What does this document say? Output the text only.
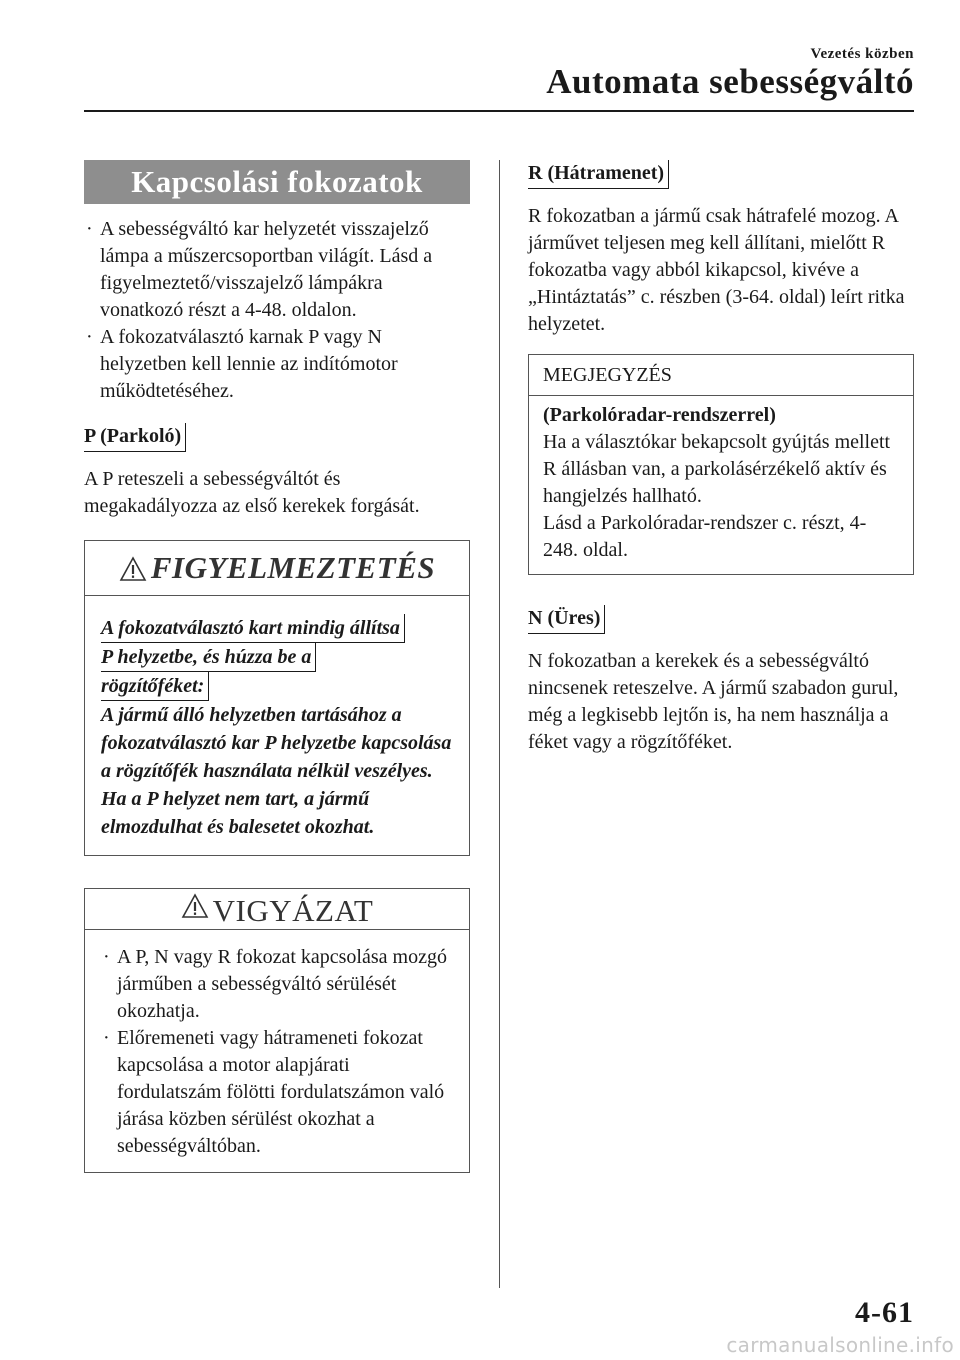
Vezetés közben
Automata sebességváltó
Kapcsolási fokozatok
· A sebességváltó kar helyzetét visszajelző lámpa a műszercsoportban világít. Lásd a figyelmeztető/visszajelző lámpákra vonatkozó részt a 4-48. oldalon.
· A fokozatválasztó karnak P vagy N helyzetben kell lennie az indítómotor működtetéséhez.
P (Parkoló)
A P reteszeli a sebességváltót és megakadályozza az első kerekek forgását.
FIGYELMEZTETÉS
A fokozatválasztó kart mindig állítsa
P helyzetbe, és húzza be a
rögzítőféket:
A jármű álló helyzetben tartásához a fokozatválasztó kar P helyzetbe kapcsolása a rögzítőfék használata nélkül veszélyes. Ha a P helyzet nem tart, a jármű elmozdulhat és balesetet okozhat.
VIGYÁZAT
· A P, N vagy R fokozat kapcsolása mozgó járműben a sebességváltó sérülését okozhatja.
· Előremeneti vagy hátrameneti fokozat kapcsolása a motor alapjárati fordulatszám fölötti fordulatszámon való járása közben sérülést okozhat a sebességváltóban.
R (Hátramenet)
R fokozatban a jármű csak hátrafelé mozog. A járművet teljesen meg kell állítani, mielőtt R fokozatba vagy abból kikapcsol, kivéve a „Hintáztatás” c. részben (3-64. oldal) leírt ritka helyzetet.
MEGJEGYZÉS
(Parkolóradar-rendszerrel)
Ha a választókar bekapcsolt gyújtás mellett R állásban van, a parkolásérzékelő aktív és hangjelzés hallható.
Lásd a Parkolóradar-rendszer c. részt, 4-248. oldal.
N (Üres)
N fokozatban a kerekek és a sebességváltó nincsenek reteszelve. A jármű szabadon gurul, még a legkisebb lejtőn is, ha nem használja a féket vagy a rögzítőféket.
4-61
carmanualsonline.info
